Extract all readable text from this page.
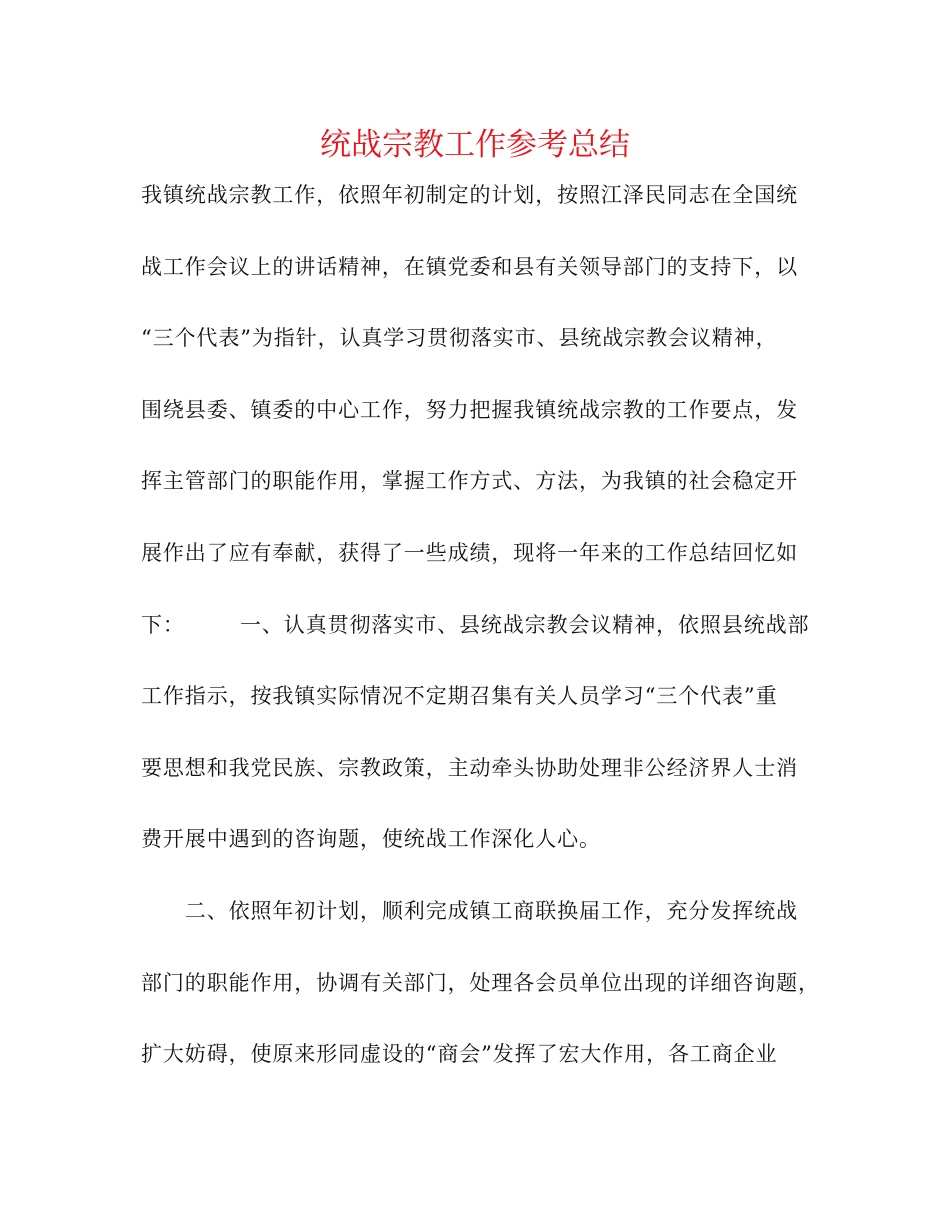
统战宗教工作参考总结
我镇统战宗教工作，依照年初制定的计划，按照江泽民同志在全国统
战工作会议上的讲话精神，在镇党委和县有关领导部门的支持下，以
“三个代表”为指针，认真学习贯彻落实市、县统战宗教会议精神，
围绕县委、镇委的中心工作，努力把握我镇统战宗教的工作要点，发
挥主管部门的职能作用，掌握工作方式、方法，为我镇的社会稳定开
展作出了应有奉献，获得了一些成绩，现将一年来的工作总结回忆如
下：　　　一、认真贯彻落实市、县统战宗教会议精神，依照县统战部
工作指示，按我镇实际情况不定期召集有关人员学习“三个代表”重
要思想和我党民族、宗教政策，主动牵头协助处理非公经济界人士消
费开展中遇到的咨询题，使统战工作深化人心。
　　二、依照年初计划，顺利完成镇工商联换届工作，充分发挥统战
部门的职能作用，协调有关部门，处理各会员单位出现的详细咨询题，
扩大妨碍，使原来形同虚设的“商会”发挥了宏大作用，各工商企业
